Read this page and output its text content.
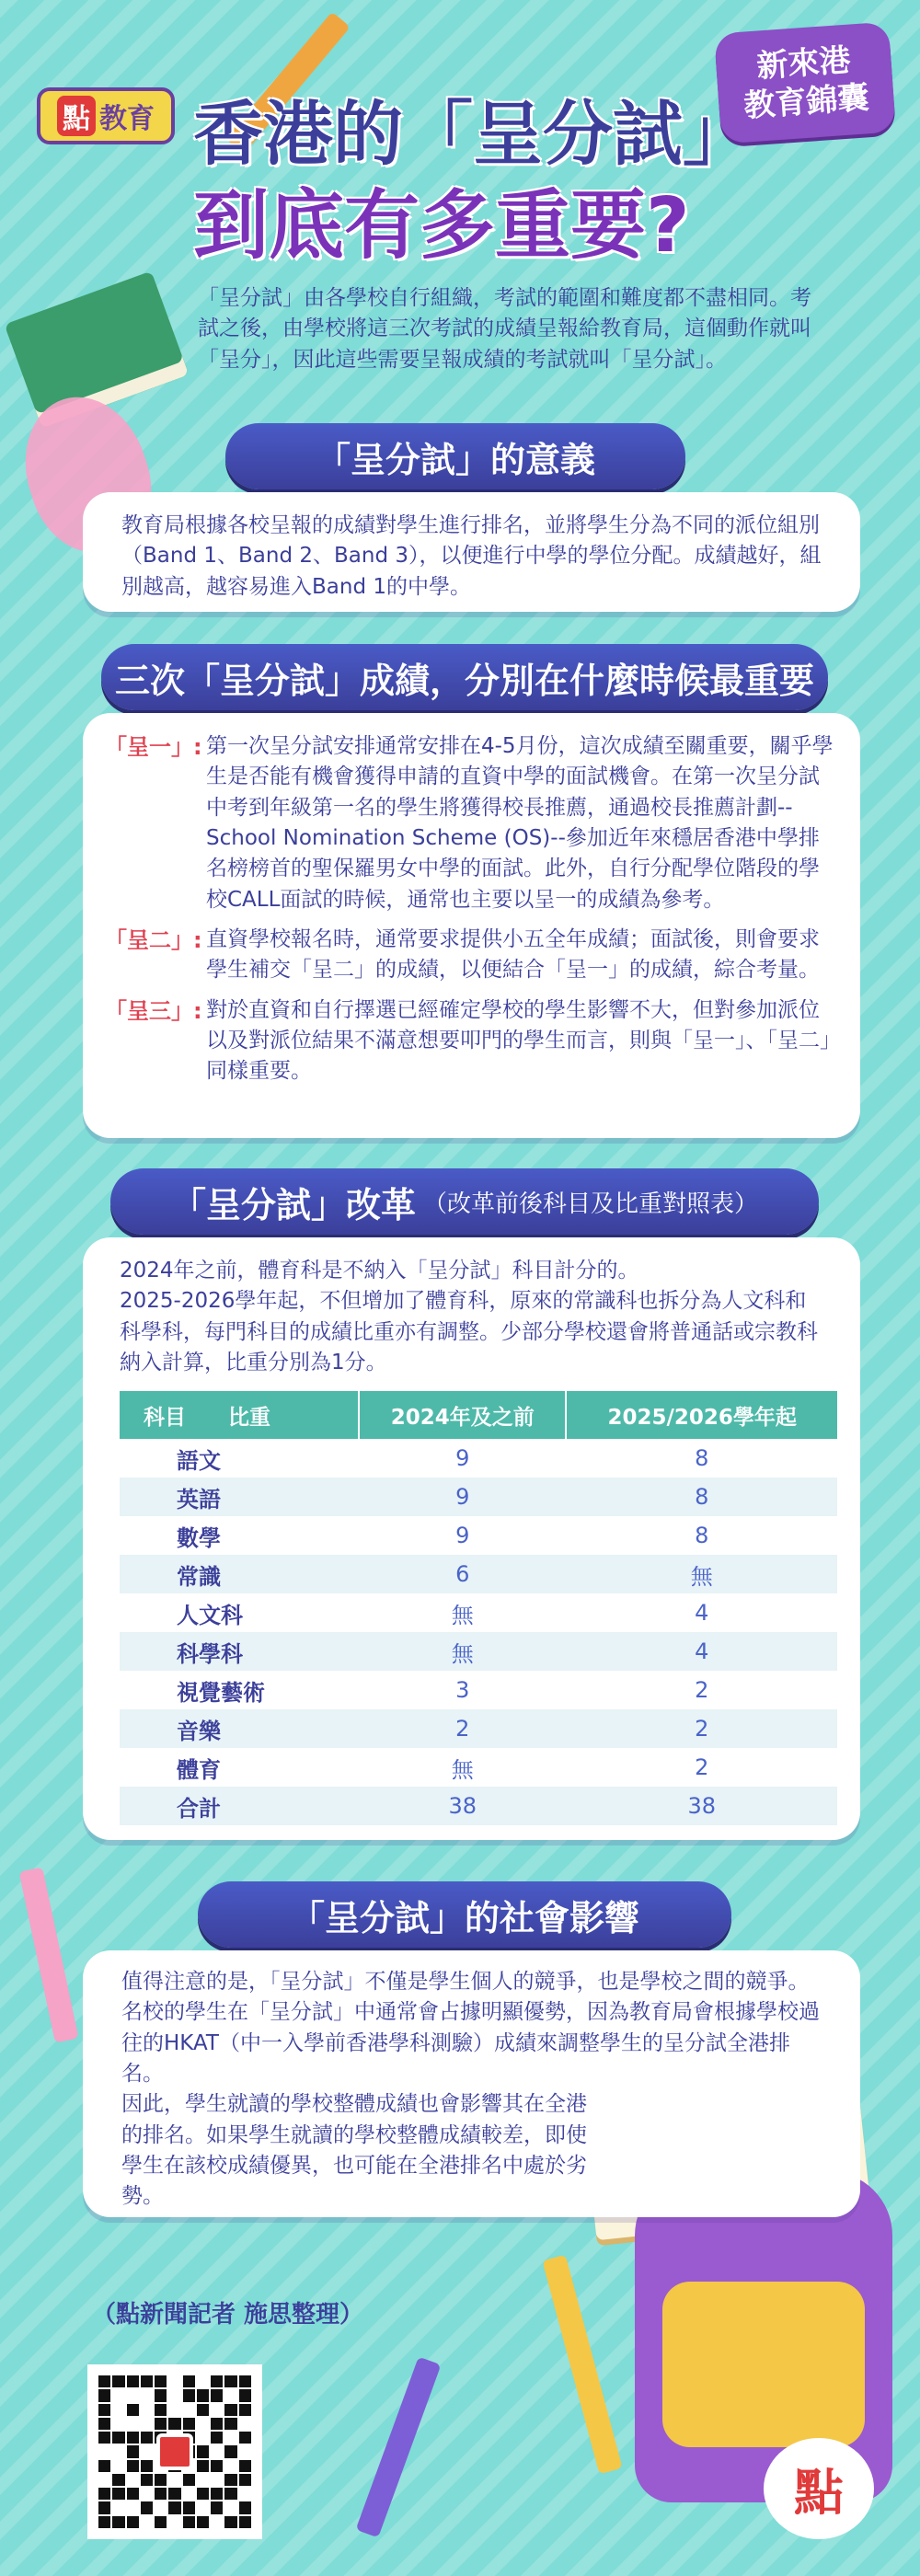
點 教育
新來港
教育錦囊
香港的「呈分試」
到底有多重要?
「呈分試」由各學校自行組織，考試的範圍和難度都不盡相同。考試之後，由學校將這三次考試的成績呈報給教育局，這個動作就叫「呈分」，因此這些需要呈報成績的考試就叫「呈分試」。
「呈分試」的意義

教育局根據各校呈報的成績對學生進行排名，並將學生分為不同的派位組別（Band 1、Band 2、Band 3），以便進行中學的學位分配。成績越好，組別越高，越容易進入Band 1的中學。

三次「呈分試」成績，分別在什麼時候最重要
「呈一」: 第一次呈分試安排通常安排在4-5月份，這次成績至關重要，關乎學生是否能有機會獲得申請的直資中學的面試機會。在第一次呈分試中考到年級第一名的學生將獲得校長推薦，通過校長推薦計劃--School Nomination Scheme (OS)--參加近年來穩居香港中學排名榜榜首的聖保羅男女中學的面試。此外，自行分配學位階段的學校CALL面試的時候，通常也主要以呈一的成績為參考。
「呈二」: 直資學校報名時，通常要求提供小五全年成績；面試後，則會要求學生補交「呈二」的成績，以便結合「呈一」的成績，綜合考量。
「呈三」: 對於直資和自行擇選已經確定學校的學生影響不大，但對參加派位以及對派位結果不滿意想要叩門的學生而言，則與「呈一」、「呈二」同樣重要。
「呈分試」改革 （改革前後科目及比重對照表）

2024年之前，體育科是不納入「呈分試」科目計分的。

2025-2026學年起，不但增加了體育科，原來的常識科也拆分為人文科和科學科，每門科目的成績比重亦有調整。少部分學校還會將普通話或宗教科納入計算，比重分別為1分。

科目　　比重	2024年及之前	2025/2026學年起
語文	9	8
英語	9	8
數學	9	8
常識	6	無
人文科	無	4
科學科	無	4
視覺藝術	3	2
音樂	2	2
體育	無	2
合計	38	38
「呈分試」的社會影響

值得注意的是，「呈分試」不僅是學生個人的競爭，也是學校之間的競爭。名校的學生在「呈分試」中通常會占據明顯優勢，因為教育局會根據學校過往的HKAT（中一入學前香港學科測驗）成績來調整學生的呈分試全港排名。

因此，學生就讀的學校整體成績也會影響其在全港的排名。如果學生就讀的學校整體成績較差，即使學生在該校成績優異，也可能在全港排名中處於劣勢。

（點新聞記者 施思整理）
點
